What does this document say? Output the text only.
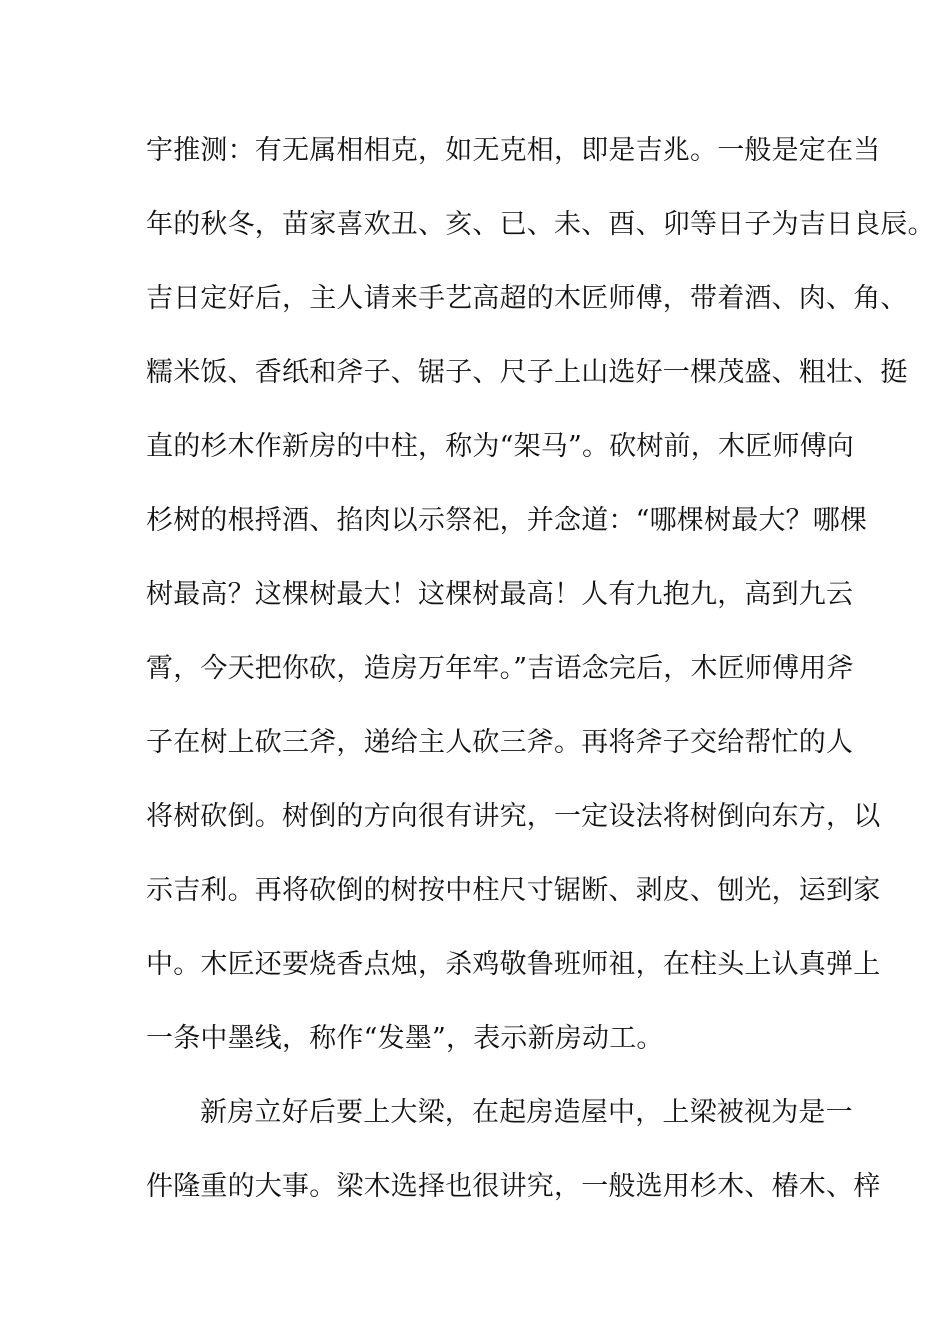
宇推测：有无属相相克，如无克相，即是吉兆。一般是定在当
年的秋冬，苗家喜欢丑、亥、已、未、酉、卯等日子为吉日良辰。
吉日定好后，主人请来手艺高超的木匠师傅，带着酒、肉、角、
糯米饭、香纸和斧子、锯子、尺子上山选好一棵茂盛、粗壮、挺
直的杉木作新房的中柱，称为“架马”。砍树前，木匠师傅向
杉树的根捋酒、掐肉以示祭祀，并念道：“哪棵树最大？哪棵
树最高？这棵树最大！这棵树最高！人有九抱九，高到九云
霄，今天把你砍，造房万年牢。”吉语念完后，木匠师傅用斧
子在树上砍三斧，递给主人砍三斧。再将斧子交给帮忙的人
将树砍倒。树倒的方向很有讲究，一定设法将树倒向东方，以
示吉利。再将砍倒的树按中柱尺寸锯断、剥皮、刨光，运到家
中。木匠还要烧香点烛，杀鸡敬鲁班师祖，在柱头上认真弹上
一条中墨线，称作“发墨”，表示新房动工。
新房立好后要上大梁，在起房造屋中，上梁被视为是一
件隆重的大事。梁木选择也很讲究，一般选用杉木、椿木、梓
